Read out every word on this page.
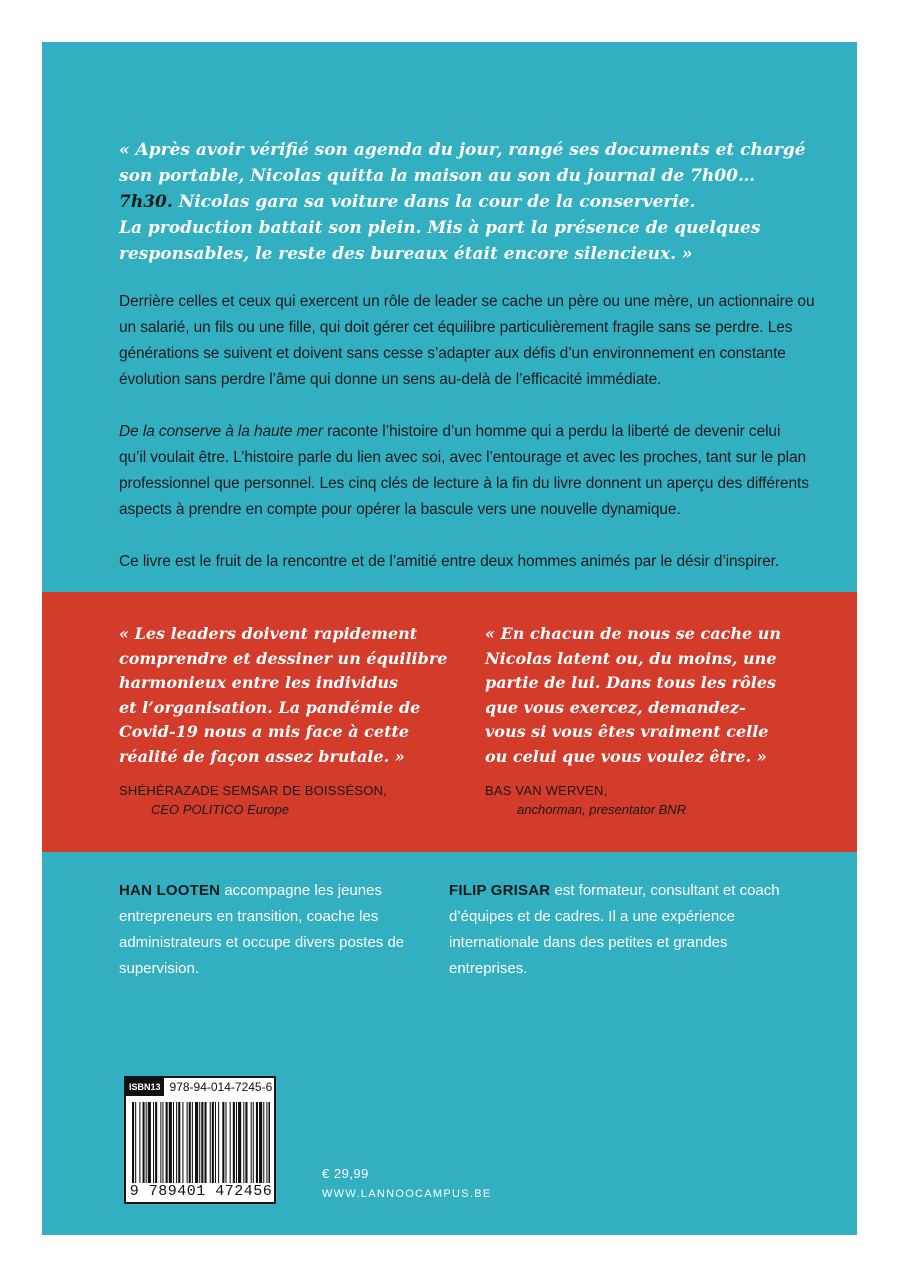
« Après avoir vérifié son agenda du jour, rangé ses documents et chargé
son portable, Nicolas quitta la maison au son du journal de 7h00…
7h30. Nicolas gara sa voiture dans la cour de la conserverie.
La production battait son plein. Mis à part la présence de quelques
responsables, le reste des bureaux était encore silencieux. »
Derrière celles et ceux qui exercent un rôle de leader se cache un père ou une mère, un actionnaire ou
un salarié, un fils ou une fille, qui doit gérer cet équilibre particulièrement fragile sans se perdre. Les
générations se suivent et doivent sans cesse s’adapter aux défis d’un environnement en constante
évolution sans perdre l’âme qui donne un sens au-delà de l’efficacité immédiate.
De la conserve à la haute mer raconte l’histoire d’un homme qui a perdu la liberté de devenir celui
qu’il voulait être. L’histoire parle du lien avec soi, avec l’entourage et avec les proches, tant sur le plan
professionnel que personnel. Les cinq clés de lecture à la fin du livre donnent un aperçu des différents
aspects à prendre en compte pour opérer la bascule vers une nouvelle dynamique.
Ce livre est le fruit de la rencontre et de l’amitié entre deux hommes animés par le désir d’inspirer.
« Les leaders doivent rapidement
comprendre et dessiner un équilibre
harmonieux entre les individus
et l’organisation. La pandémie de
Covid-19 nous a mis face à cette
réalité de façon assez brutale. »
SHÉHÉRAZADE SEMSAR DE BOISSÉSON,
CEO POLITICO Europe
« En chacun de nous se cache un
Nicolas latent ou, du moins, une
partie de lui. Dans tous les rôles
que vous exercez, demandez-
vous si vous êtes vraiment celle
ou celui que vous voulez être. »
BAS VAN WERVEN,
anchorman, presentator BNR
HAN LOOTEN accompagne les jeunes
entrepreneurs en transition, coache les
administrateurs et occupe divers postes de
supervision.
FILIP GRISAR est formateur, consultant et coach
d’équipes et de cadres. Il a une expérience
internationale dans des petites et grandes
entreprises.
ISBN13 978-94-014-7245-6
9 789401 472456
€ 29,99
WWW.LANNOOCAMPUS.BE
